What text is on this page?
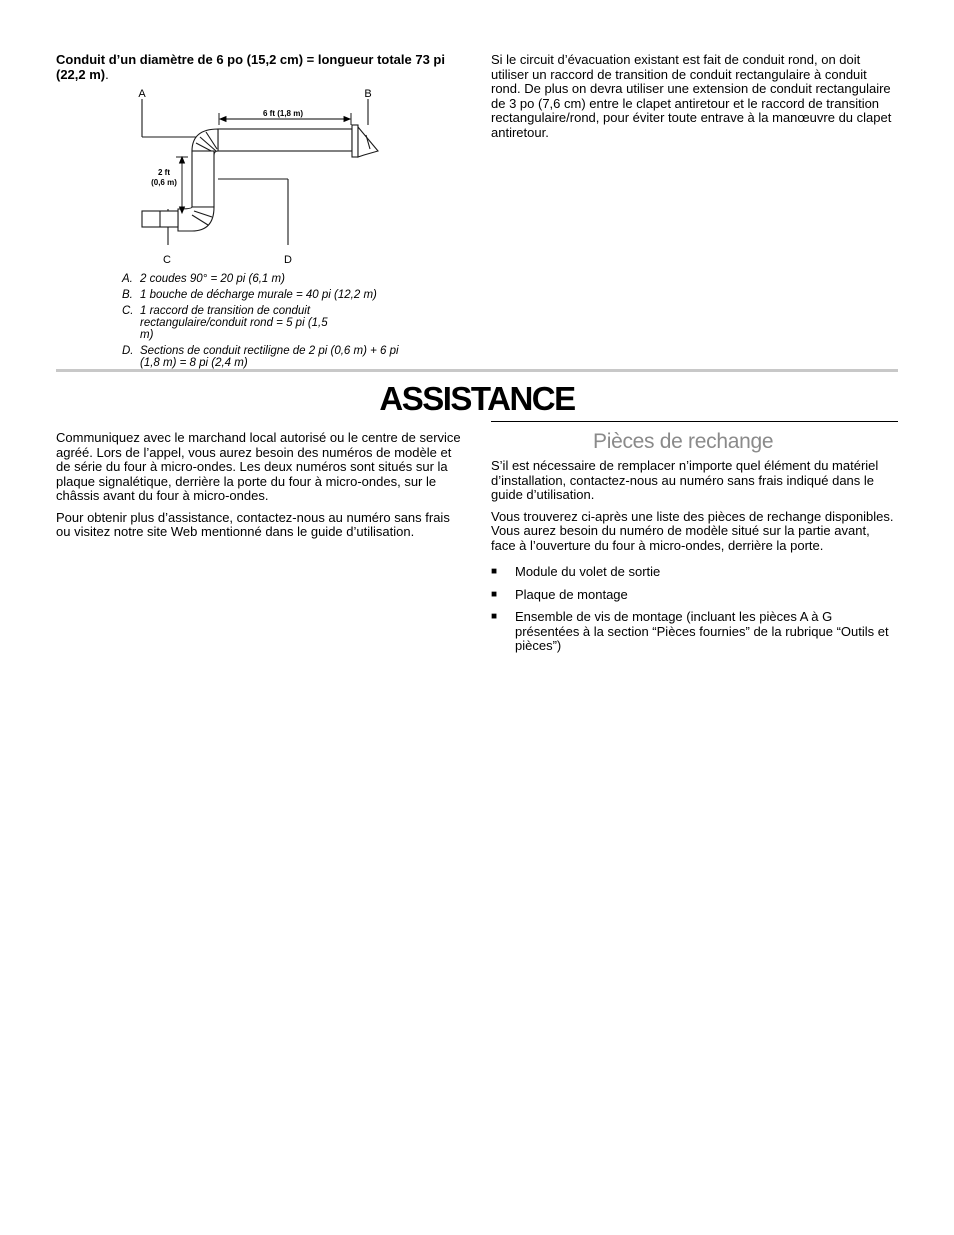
Conduit d’un diamètre de 6 po (15,2 cm) = longueur totale 73 pi (22,2 m).
Si le circuit d’évacuation existant est fait de conduit rond, on doit utiliser un raccord de transition de conduit rectangulaire à conduit rond. De plus on devra utiliser une extension de conduit rectangulaire de 3 po (7,6 cm) entre le clapet antiretour et le raccord de transition rectangulaire/rond, pour éviter toute entrave à la manœuvre du clapet antiretour.
A	B
C	D
6 ft (1,8 m)
2 ft
(0,6 m)
A. 2 coudes 90° = 20 pi (6,1 m)
B. 1 bouche de décharge murale = 40 pi (12,2 m)
C. 1 raccord de transition de conduit rectangulaire/conduit rond = 5 pi (1,5 m)
D. Sections de conduit rectiligne de 2 pi (0,6 m) + 6 pi (1,8 m) = 8 pi (2,4 m)
ASSISTANCE

Communiquez avec le marchand local autorisé ou le centre de service agréé. Lors de l’appel, vous aurez besoin des numéros de modèle et de série du four à micro-ondes. Les deux numéros sont situés sur la plaque signalétique, derrière la porte du four à micro-ondes, sur le châssis avant du four à micro-ondes.

Pour obtenir plus d’assistance, contactez-nous au numéro sans frais ou visitez notre site Web mentionné dans le guide d’utilisation.

Pièces de rechange

S’il est nécessaire de remplacer n’importe quel élément du matériel d’installation, contactez-nous au numéro sans frais indiqué dans le guide d’utilisation.

Vous trouverez ci-après une liste des pièces de rechange disponibles. Vous aurez besoin du numéro de modèle situé sur la partie avant, face à l’ouverture du four à micro-ondes, derrière la porte.

■	Module du volet de sortie
■	Plaque de montage
■	Ensemble de vis de montage (incluant les pièces A à G présentées à la section “Pièces fournies” de la rubrique “Outils et pièces”)
